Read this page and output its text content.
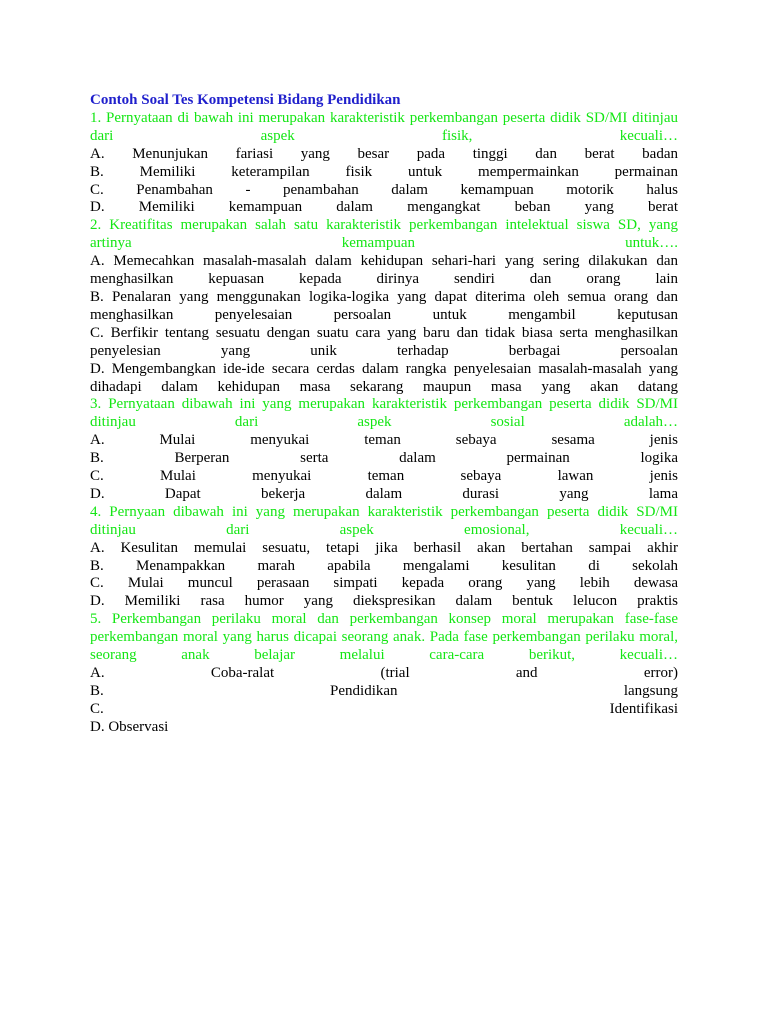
Contoh Soal Tes Kompetensi Bidang Pendidikan
1. Pernyataan di bawah ini merupakan karakteristik perkembangan peserta didik SD/MI ditinjau
dari aspek fisik, kecuali…
A. Menunjukan fariasi yang besar pada tinggi dan berat badan
B. Memiliki keterampilan fisik untuk mempermainkan permainan
C. Penambahan - penambahan dalam kemampuan motorik halus
D. Memiliki kemampuan dalam mengangkat beban yang berat
2. Kreatifitas merupakan salah satu karakteristik perkembangan intelektual siswa SD, yang
artinya kemampuan untuk….
A. Memecahkan masalah-masalah dalam kehidupan sehari-hari yang sering dilakukan dan
menghasilkan kepuasan kepada dirinya sendiri dan orang lain
B. Penalaran yang menggunakan logika-logika yang dapat diterima oleh semua orang dan
menghasilkan penyelesaian persoalan untuk mengambil keputusan
C. Berfikir tentang sesuatu dengan suatu cara yang baru dan tidak biasa serta menghasilkan
penyelesian yang unik terhadap berbagai persoalan
D. Mengembangkan ide-ide secara cerdas dalam rangka penyelesaian masalah-masalah yang
dihadapi dalam kehidupan masa sekarang maupun masa yang akan datang
3. Pernyataan dibawah ini yang merupakan karakteristik perkembangan peserta didik SD/MI
ditinjau dari aspek sosial adalah…
A. Mulai menyukai teman sebaya sesama jenis
B. Berperan serta dalam permainan logika
C. Mulai menyukai teman sebaya lawan jenis
D. Dapat bekerja dalam durasi yang lama
4. Pernyaan dibawah ini yang merupakan karakteristik perkembangan peserta didik SD/MI
ditinjau dari aspek emosional, kecuali…
A. Kesulitan memulai sesuatu, tetapi jika berhasil akan bertahan sampai akhir
B. Menampakkan marah apabila mengalami kesulitan di sekolah
C. Mulai muncul perasaan simpati kepada orang yang lebih dewasa
D. Memiliki rasa humor yang diekspresikan dalam bentuk lelucon praktis
5. Perkembangan perilaku moral dan perkembangan konsep moral merupakan fase-fase
perkembangan moral yang harus dicapai seorang anak. Pada fase perkembangan perilaku moral,
seorang anak belajar melalui cara-cara berikut, kecuali…
A. Coba-ralat (trial and error)
B. Pendidikan langsung
C. Identifikasi
D. Observasi
